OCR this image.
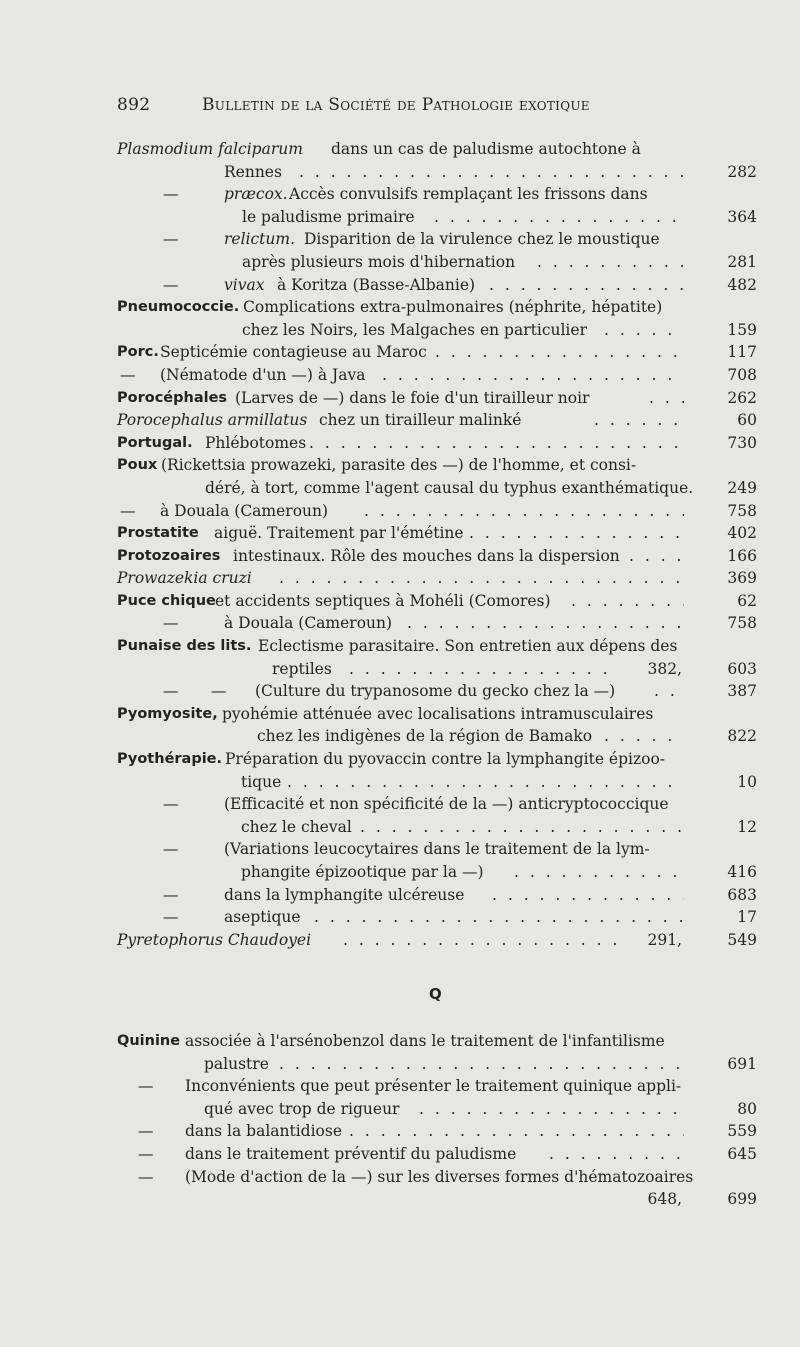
892	Bulletin de la Société de Pathologie exotique
Plasmodium falciparum dans un cas de paludisme autochtone à
Rennes . . .	282
—	præcox. Accès convulsifs remplaçant les frissons dans
le paludisme primaire . . .	364
—	relictum. Disparition de la virulence chez le moustique
après plusieurs mois d'hibernation . . .	281
—	vivax à Koritza (Basse-Albanie) . . .	482
Pneumococcie. Complications extra-pulmonaires (néphrite, hépatite)
chez les Noirs, les Malgaches en particulier . . .	159
Porc. Septicémie contagieuse au Maroc . . .	117
— (Nématode d'un —) à Java . . .	708
Porocéphales (Larves de —) dans le foie d'un tirailleur noir . . .	262
Porocephalus armillatus chez un tirailleur malinké . . .	60
Portugal. Phlébotomes . . .	730
Poux (Rickettsia prowazeki, parasite des —) de l'homme, et consi-
déré, à tort, comme l'agent causal du typhus exanthématique. 249
— à Douala (Cameroun) . . .	758
Prostatite aiguë. Traitement par l'émétine . . .	402
Protozoaires intestinaux. Rôle des mouches dans la dispersion . . .	166
Prowazekia cruzi . . .	369
Puce chique et accidents septiques à Mohéli (Comores) . . .	62
—	à Douala (Cameroun) . . .	758
Punaise des lits. Eclectisme parasitaire. Son entretien aux dépens des
reptiles . . .	382,	603
— — (Culture du trypanosome du gecko chez la —) . . .	387
Pyomyosite, pyohémie atténuée avec localisations intramusculaires
chez les indigènes de la région de Bamako . . .	822
Pyothérapie. Préparation du pyovaccin contre la lymphangite épizoo-
tique . . .	10
—	(Efficacité et non spécificité de la —) anticryptococcique
chez le cheval . . .	12
—	(Variations leucocytaires dans le traitement de la lym-
phangite épizootique par la —) . . .	416
—	dans la lymphangite ulcéreuse . . .	683
—	aseptique . . .	17
Pyretophorus Chaudoyei . . .	291,	549
Q
Quinine associée à l'arsénobenzol dans le traitement de l'infantilisme
palustre . . .	691
— Inconvénients que peut présenter le traitement quinique appli-
qué avec trop de rigueur . . .	80
— dans la balantidiose . . .	559
— dans le traitement préventif du paludisme . . .	645
— (Mode d'action de la —) sur les diverses formes d'hématozoaires
648,	699
